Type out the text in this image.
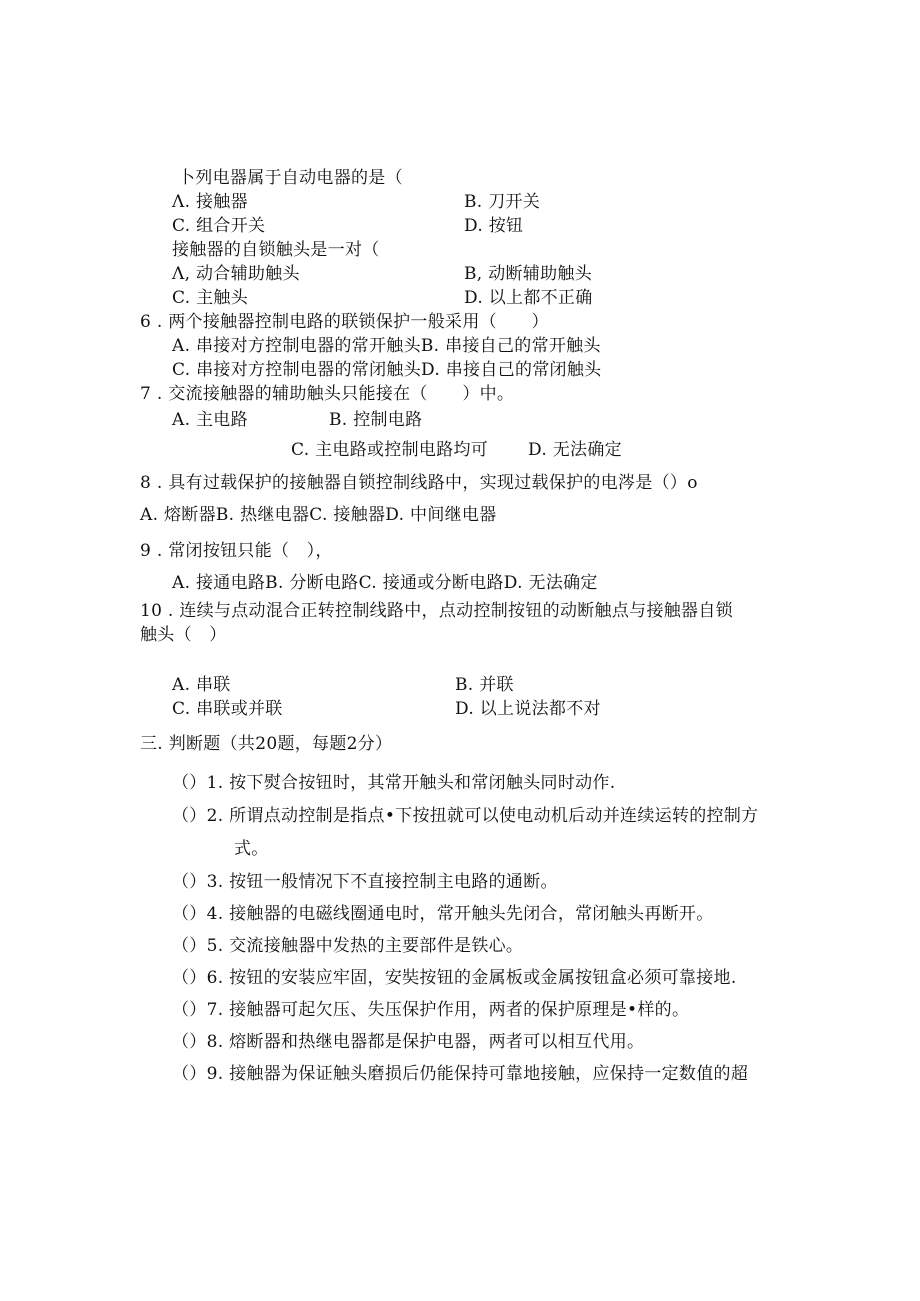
卜列电器属于自动电器的是（
Λ. 接触器	B. 刀开关
C. 组合开关	D. 按钮
接触器的自锁触头是一对（
Λ, 动合辅助触头	B, 动断辅助触头
C. 主触头	D. 以上都不正确
6 . 两个接触器控制电路的联锁保护一般采用（　　）
A. 串接对方控制电器的常开触头B. 串接自己的常开触头
C. 串接对方控制电器的常闭触头D. 串接自己的常闭触头
7 . 交流接触器的辅助触头只能接在（　　）中。
A. 主电路	B. 控制电路
C. 主电路或控制电路均可 D. 无法确定
8 . 具有过载保护的接触器自锁控制线路中，实现过载保护的电涔是（）o
A. 熔断器B. 热继电器C. 接触器D. 中间继电器
9 . 常闭按钮只能（　），
A. 接通电路B. 分断电路C. 接通或分断电路D. 无法确定
10 . 连续与点动混合正转控制线路中，点动控制按钮的动断触点与接触器自锁
触头（　）
A. 串联	B. 并联
C. 串联或并联	D. 以上说法都不对
三. 判断题（共20题，每题2分）
（）1. 按下熨合按钮时，其常开触头和常闭触头同时动作.
（）2. 所谓点动控制是指点•下按扭就可以使电动机后动并连续运转的控制方
式。
（）3. 按钮一般情况下不直接控制主电路的通断。
（）4. 接触器的电磁线圈通电时，常开触头先闭合，常闭触头再断开。
（）5. 交流接触器中发热的主要部件是铁心。
（）6. 按钮的安装应牢固，安奘按钮的金属板或金属按钮盒必须可靠接地.
（）7. 接触器可起欠压、失压保护作用，两者的保护原理是•样的。
（）8. 熔断器和热继电器都是保护电器，两者可以相互代用。
（）9. 接触器为保证触头磨损后仍能保持可靠地接触，应保持一定数值的超
